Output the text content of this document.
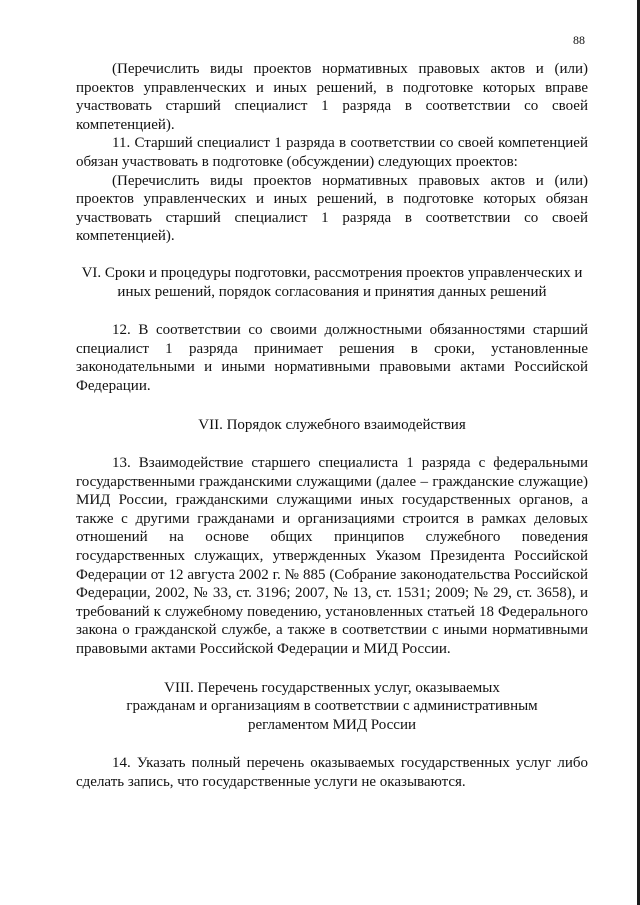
88

(Перечислить виды проектов нормативных правовых актов и (или) проектов управленческих и иных решений, в подготовке которых вправе участвовать старший специалист 1 разряда в соответствии со своей компетенцией).

11. Старший специалист 1 разряда в соответствии со своей компетенцией обязан участвовать в подготовке (обсуждении) следующих проектов:

(Перечислить виды проектов нормативных правовых актов и (или) проектов управленческих и иных решений, в подготовке которых обязан участвовать старший специалист 1 разряда в соответствии со своей компетенцией).

VI. Сроки и процедуры подготовки, рассмотрения проектов управленческих и

иных решений, порядок согласования и принятия данных решений

12. В соответствии со своими должностными обязанностями старший специалист 1 разряда принимает решения в сроки, установленные законодательными и иными нормативными правовыми актами Российской Федерации.

VII. Порядок служебного взаимодействия

13. Взаимодействие старшего специалиста 1 разряда с федеральными государственными гражданскими служащими (далее – гражданские служащие) МИД России, гражданскими служащими иных государственных органов, а также с другими гражданами и организациями строится в рамках деловых отношений на основе общих принципов служебного поведения государственных служащих, утвержденных Указом Президента Российской Федерации от 12 августа 2002 г. № 885 (Собрание законодательства Российской Федерации, 2002, № 33, ст. 3196; 2007, № 13, ст. 1531; 2009; № 29, ст. 3658), и требований к служебному поведению, установленных статьей 18 Федерального закона о гражданской службе, а также в соответствии с иными нормативными правовыми актами Российской Федерации и МИД России.

VIII. Перечень государственных услуг, оказываемых

гражданам и организациям в соответствии с административным

регламентом МИД России

14. Указать полный перечень оказываемых государственных услуг либо сделать запись, что государственные услуги не оказываются.
